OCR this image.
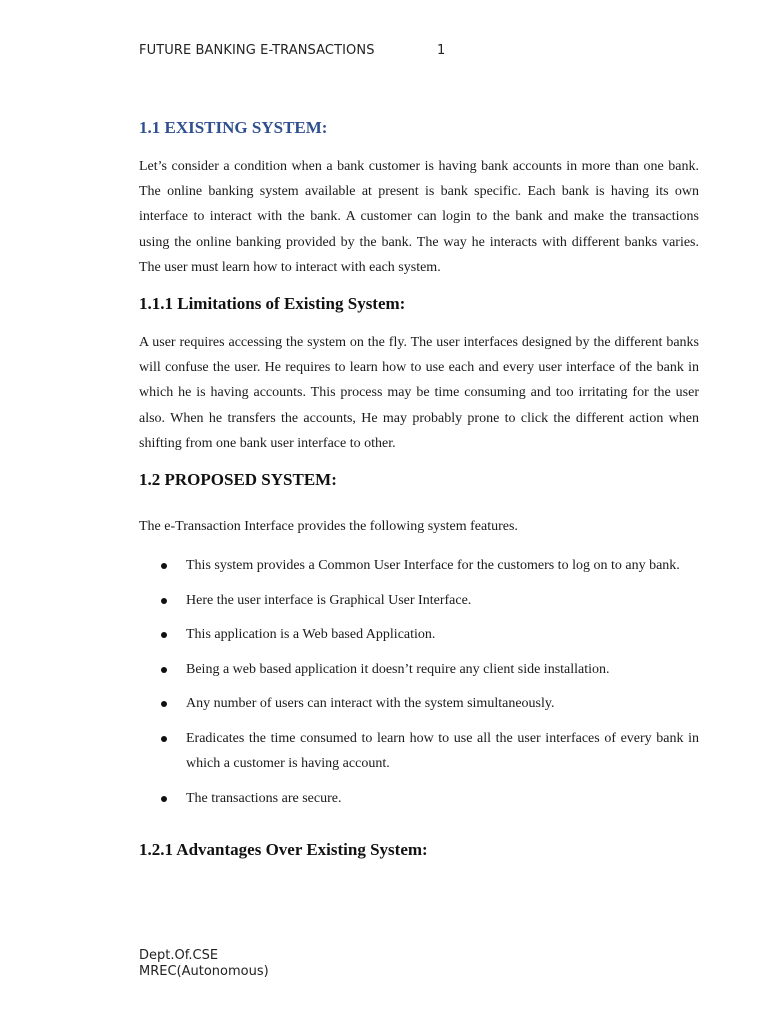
FUTURE BANKING E-TRANSACTIONS	1
1.1 EXISTING SYSTEM:

Let’s consider a condition when a bank customer is having bank accounts in more than one bank. The online banking system available at present is bank specific. Each bank is having its own interface to interact with the bank. A customer can login to the bank and make the transactions using the online banking provided by the bank. The way he interacts with different banks varies. The user must learn how to interact with each system.

1.1.1 Limitations of Existing System:

A user requires accessing the system on the fly. The user interfaces designed by the different banks will confuse the user. He requires to learn how to use each and every user interface of the bank in which he is having accounts. This process may be time consuming and too irritating for the user also. When he transfers the accounts, He may probably prone to click the different action when shifting from one bank user interface to other.

1.2 PROPOSED SYSTEM:

The e-Transaction Interface provides the following system features.

This system provides a Common User Interface for the customers to log on to any bank.
Here the user interface is Graphical User Interface.
This application is a Web based Application.
Being a web based application it doesn’t require any client side installation.
Any number of users can interact with the system simultaneously.
Eradicates the time consumed to learn how to use all the user interfaces of every bank in which a customer is having account.
The transactions are secure.
1.2.1 Advantages Over Existing System:
Dept.Of.CSE
MREC(Autonomous)
